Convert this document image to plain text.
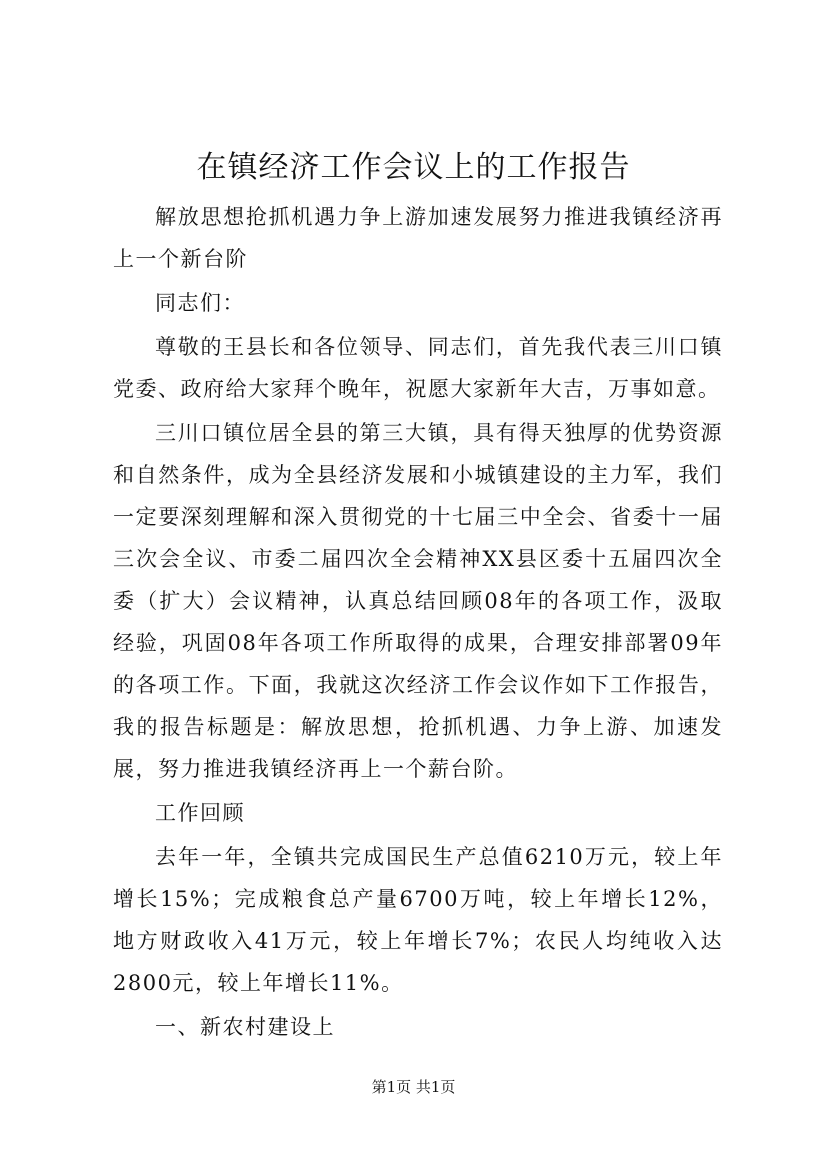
在镇经济工作会议上的工作报告

解放思想抢抓机遇力争上游加速发展努力推进我镇经济再上一个新台阶

同志们：

尊敬的王县长和各位领导、同志们，首先我代表三川口镇党委、政府给大家拜个晚年，祝愿大家新年大吉，万事如意。

三川口镇位居全县的第三大镇，具有得天独厚的优势资源和自然条件，成为全县经济发展和小城镇建设的主力军，我们一定要深刻理解和深入贯彻党的十七届三中全会、省委十一届三次会全议、市委二届四次全会精神XX县区委十五届四次全委（扩大）会议精神，认真总结回顾08年的各项工作，汲取经验，巩固08年各项工作所取得的成果，合理安排部署09年的各项工作。下面，我就这次经济工作会议作如下工作报告，我的报告标题是：解放思想，抢抓机遇、力争上游、加速发展，努力推进我镇经济再上一个薪台阶。

工作回顾

去年一年，全镇共完成国民生产总值6210万元，较上年增长15%；完成粮食总产量6700万吨，较上年增长12%，地方财政收入41万元，较上年增长7%；农民人均纯收入达2800元，较上年增长11%。

一、新农村建设上

第1页 共1页
